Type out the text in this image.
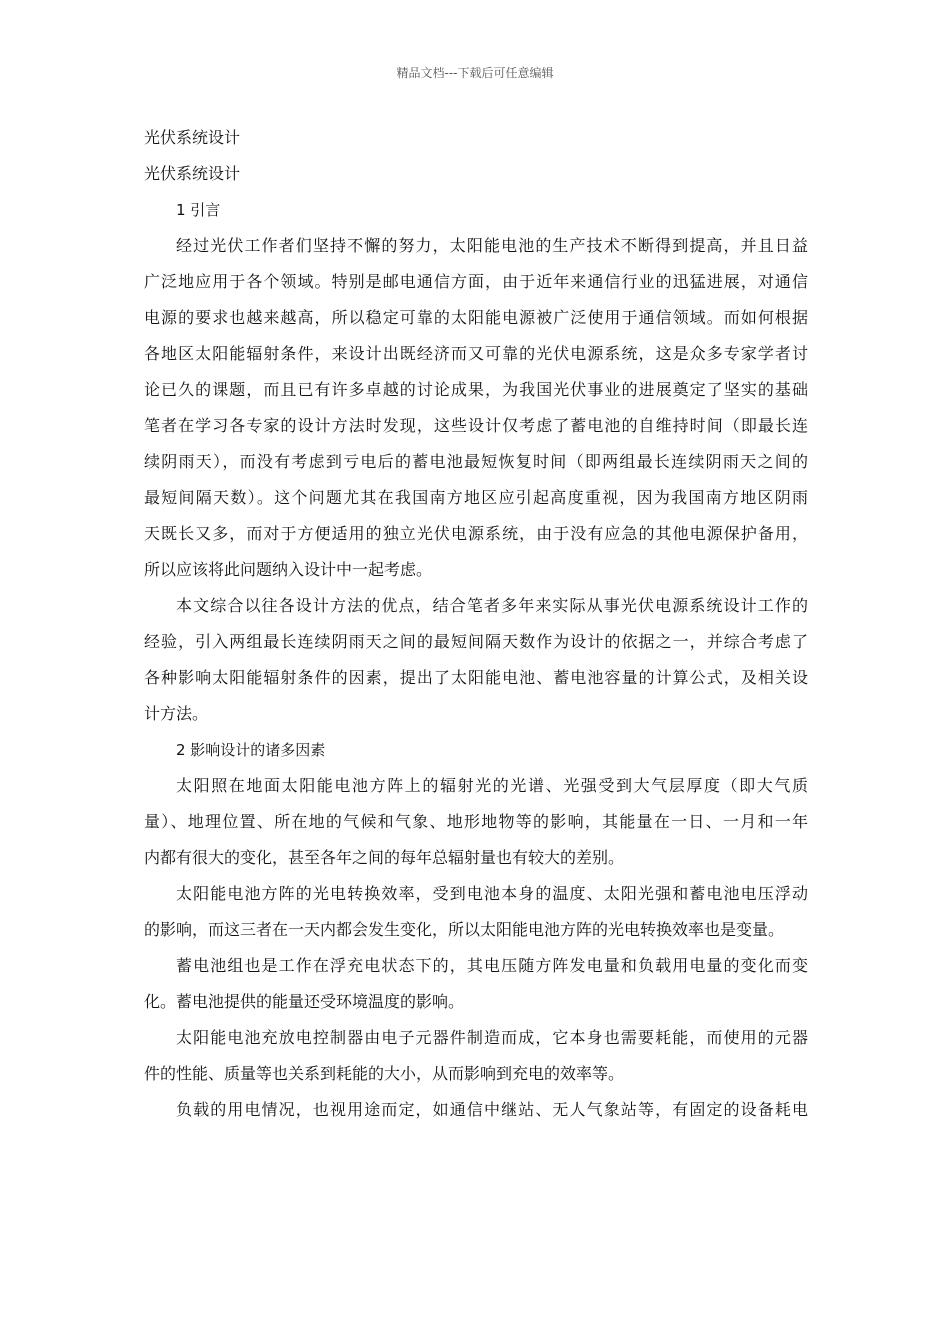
精品文档---下载后可任意编辑
光伏系统设计
光伏系统设计
1 引言
经过光伏工作者们坚持不懈的努力，太阳能电池的生产技术不断得到提高，并且日益
广泛地应用于各个领域。特别是邮电通信方面，由于近年来通信行业的迅猛进展，对通信
电源的要求也越来越高，所以稳定可靠的太阳能电源被广泛使用于通信领域。而如何根据
各地区太阳能辐射条件，来设计出既经济而又可靠的光伏电源系统，这是众多专家学者讨
论已久的课题，而且已有许多卓越的讨论成果，为我国光伏事业的进展奠定了坚实的基础
笔者在学习各专家的设计方法时发现，这些设计仅考虑了蓄电池的自维持时间（即最长连
续阴雨天），而没有考虑到亏电后的蓄电池最短恢复时间（即两组最长连续阴雨天之间的
最短间隔天数）。这个问题尤其在我国南方地区应引起高度重视，因为我国南方地区阴雨
天既长又多，而对于方便适用的独立光伏电源系统，由于没有应急的其他电源保护备用，
所以应该将此问题纳入设计中一起考虑。
本文综合以往各设计方法的优点，结合笔者多年来实际从事光伏电源系统设计工作的
经验，引入两组最长连续阴雨天之间的最短间隔天数作为设计的依据之一，并综合考虑了
各种影响太阳能辐射条件的因素，提出了太阳能电池、蓄电池容量的计算公式，及相关设
计方法。
2 影响设计的诸多因素
太阳照在地面太阳能电池方阵上的辐射光的光谱、光强受到大气层厚度（即大气质
量）、地理位置、所在地的气候和气象、地形地物等的影响，其能量在一日、一月和一年
内都有很大的变化，甚至各年之间的每年总辐射量也有较大的差别。
太阳能电池方阵的光电转换效率，受到电池本身的温度、太阳光强和蓄电池电压浮动
的影响，而这三者在一天内都会发生变化，所以太阳能电池方阵的光电转换效率也是变量。
蓄电池组也是工作在浮充电状态下的，其电压随方阵发电量和负载用电量的变化而变
化。蓄电池提供的能量还受环境温度的影响。
太阳能电池充放电控制器由电子元器件制造而成，它本身也需要耗能，而使用的元器
件的性能、质量等也关系到耗能的大小，从而影响到充电的效率等。
负载的用电情况，也视用途而定，如通信中继站、无人气象站等，有固定的设备耗电
